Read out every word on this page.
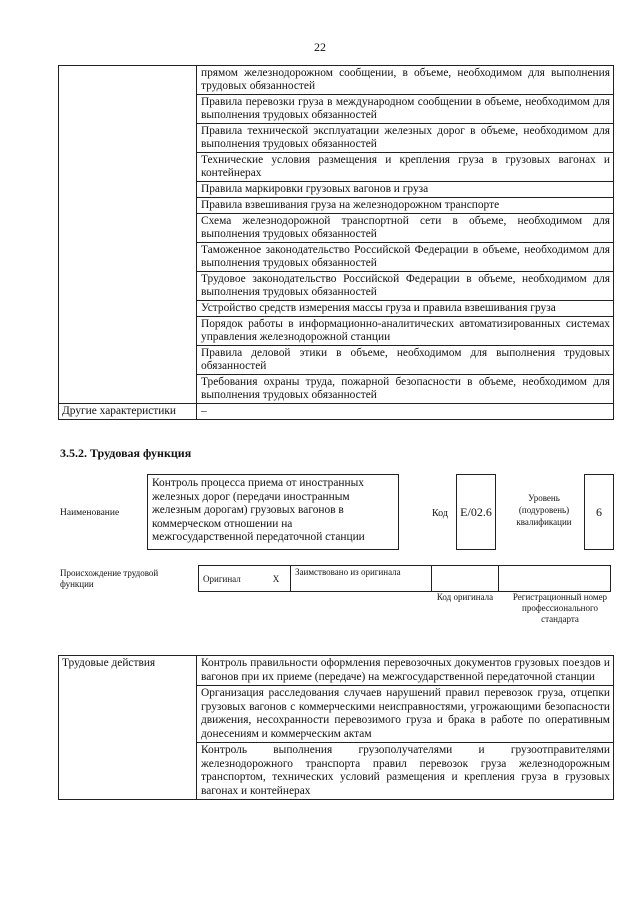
22
	прямом железнодорожном сообщении, в объеме, необходимом для выполнения трудовых обязанностей
	Правила перевозки груза в международном сообщении в объеме, необходимом для выполнения трудовых обязанностей
	Правила технической эксплуатации железных дорог в объеме, необходимом для выполнения трудовых обязанностей
	Технические условия размещения и крепления груза в грузовых вагонах и контейнерах
	Правила маркировки грузовых вагонов и груза
	Правила взвешивания груза на железнодорожном транспорте
	Схема железнодорожной транспортной сети в объеме, необходимом для выполнения трудовых обязанностей
	Таможенное законодательство Российской Федерации в объеме, необходимом для выполнения трудовых обязанностей
	Трудовое законодательство Российской Федерации в объеме, необходимом для выполнения трудовых обязанностей
	Устройство средств измерения массы груза и правила взвешивания груза
	Порядок работы в информационно-аналитических автоматизированных системах управления железнодорожной станции
	Правила деловой этики в объеме, необходимом для выполнения трудовых обязанностей
	Требования охраны труда, пожарной безопасности в объеме, необходимом для выполнения трудовых обязанностей
Другие характеристики	–
3.5.2. Трудовая функция
Наименование
Контроль процесса приема от иностранных железных дорог (передачи иностранным железным дорогам) грузовых вагонов в коммерческом отношении на межгосударственной передаточной станции
Код	E/02.6
Уровень (подуровень) квалификации
6
Происхождение трудовой функции
Оригинал	X	Заимствовано из оригинала		
Код оригинала	Регистрационный номер профессионального стандарта
Трудовые действия	Контроль правильности оформления перевозочных документов грузовых поездов и вагонов при их приеме (передаче) на межгосударственной передаточной станции
Организация расследования случаев нарушений правил перевозок груза, отцепки грузовых вагонов с коммерческими неисправностями, угрожающими безопасности движения, несохранности перевозимого груза и брака в работе по оперативным донесениям и коммерческим актам
Контроль выполнения грузополучателями и грузоотправителями железнодорожного транспорта правил перевозок груза железнодорожным транспортом, технических условий размещения и крепления груза в грузовых вагонах и контейнерах
